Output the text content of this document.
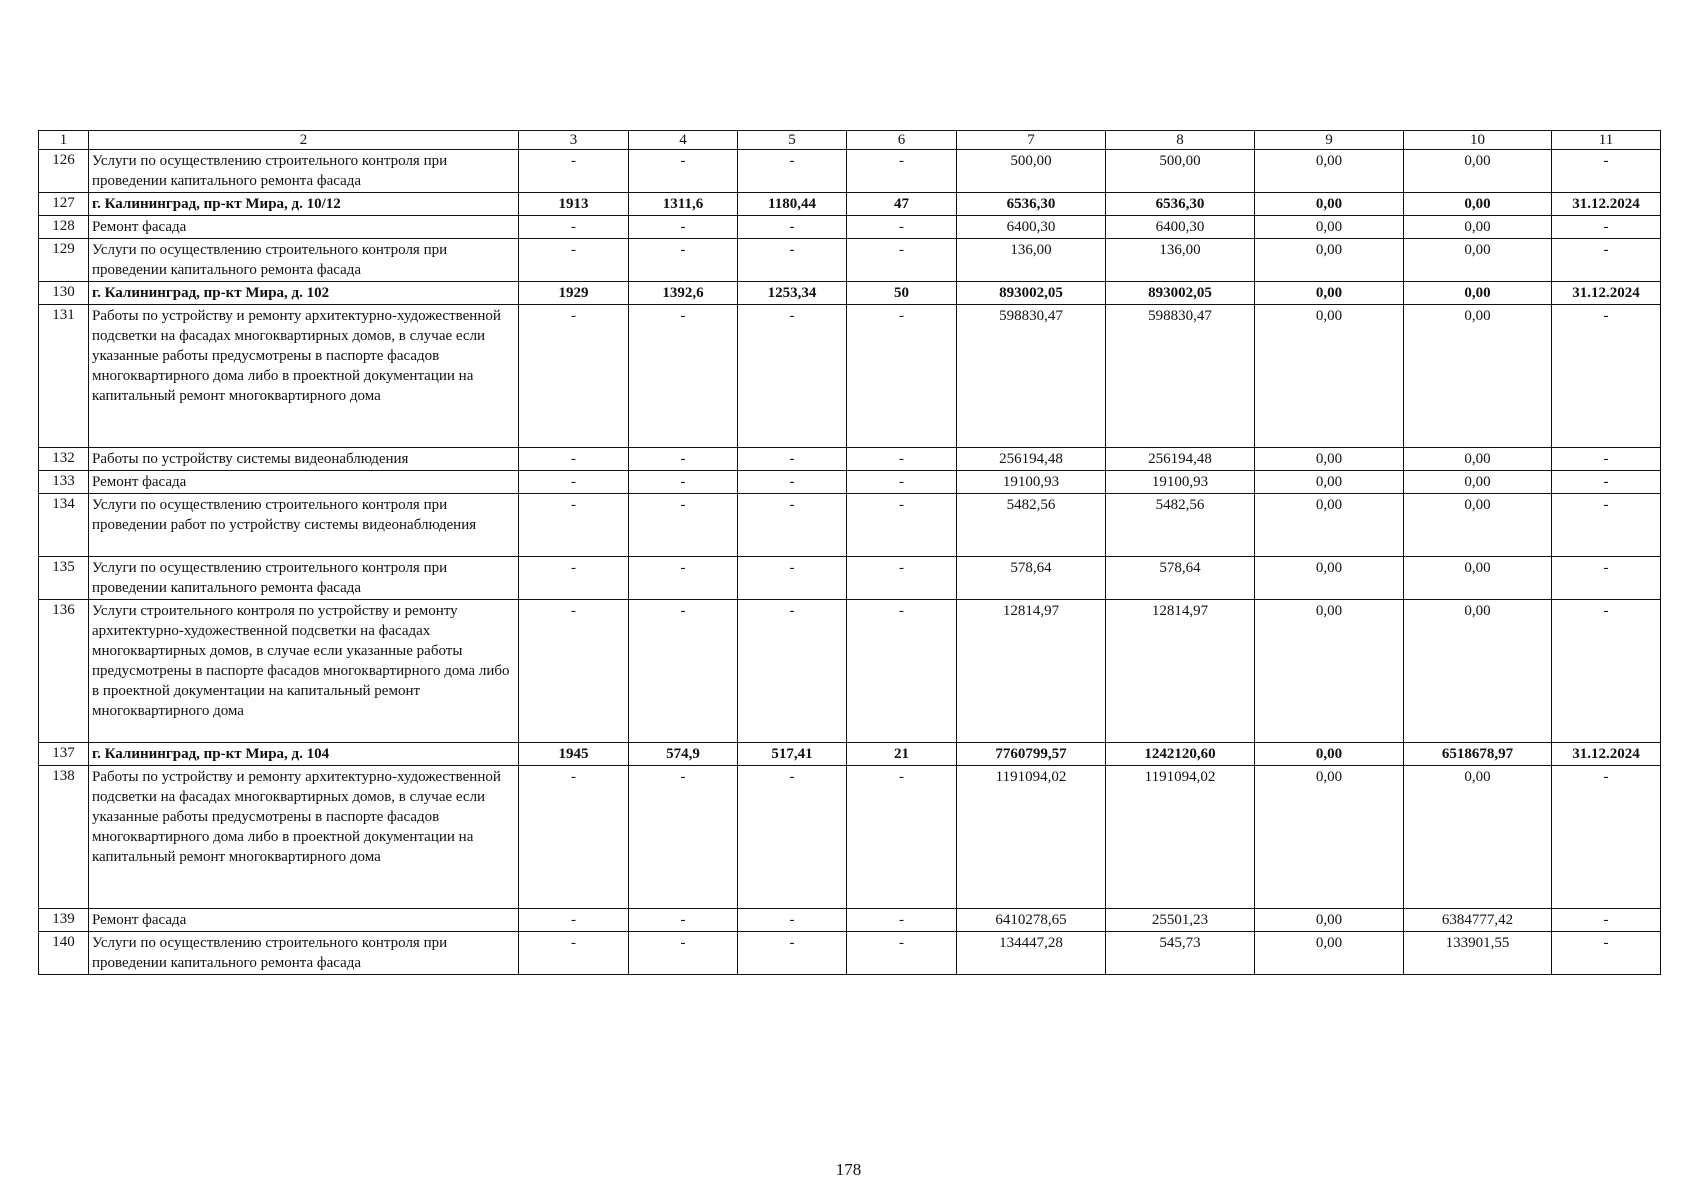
1	2	3	4	5	6	7	8	9	10	11
126	Услуги по осуществлению строительного контроля при проведении капитального ремонта фасада	-	-	-	-	500,00	500,00	0,00	0,00	-
127	г. Калининград, пр-кт Мира, д. 10/12	1913	1311,6	1180,44	47	6536,30	6536,30	0,00	0,00	31.12.2024
128	Ремонт фасада	-	-	-	-	6400,30	6400,30	0,00	0,00	-
129	Услуги по осуществлению строительного контроля при проведении капитального ремонта фасада	-	-	-	-	136,00	136,00	0,00	0,00	-
130	г. Калининград, пр-кт Мира, д. 102	1929	1392,6	1253,34	50	893002,05	893002,05	0,00	0,00	31.12.2024
131	Работы по устройству и ремонту архитектурно-художественной подсветки на фасадах многоквартирных домов, в случае если указанные работы предусмотрены в паспорте фасадов многоквартирного дома либо в проектной документации на капитальный ремонт многоквартирного дома	-	-	-	-	598830,47	598830,47	0,00	0,00	-
132	Работы по устройству системы видеонаблюдения	-	-	-	-	256194,48	256194,48	0,00	0,00	-
133	Ремонт фасада	-	-	-	-	19100,93	19100,93	0,00	0,00	-
134	Услуги по осуществлению строительного контроля при проведении работ по устройству системы видеонаблюдения	-	-	-	-	5482,56	5482,56	0,00	0,00	-
135	Услуги по осуществлению строительного контроля при проведении капитального ремонта фасада	-	-	-	-	578,64	578,64	0,00	0,00	-
136	Услуги строительного контроля по устройству и ремонту архитектурно-художественной подсветки на фасадах многоквартирных домов, в случае если указанные работы предусмотрены в паспорте фасадов многоквартирного дома либо в проектной документации на капитальный ремонт многоквартирного дома	-	-	-	-	12814,97	12814,97	0,00	0,00	-
137	г. Калининград, пр-кт Мира, д. 104	1945	574,9	517,41	21	7760799,57	1242120,60	0,00	6518678,97	31.12.2024
138	Работы по устройству и ремонту архитектурно-художественной подсветки на фасадах многоквартирных домов, в случае если указанные работы предусмотрены в паспорте фасадов многоквартирного дома либо в проектной документации на капитальный ремонт многоквартирного дома	-	-	-	-	1191094,02	1191094,02	0,00	0,00	-
139	Ремонт фасада	-	-	-	-	6410278,65	25501,23	0,00	6384777,42	-
140	Услуги по осуществлению строительного контроля при проведении капитального ремонта фасада	-	-	-	-	134447,28	545,73	0,00	133901,55	-
178
